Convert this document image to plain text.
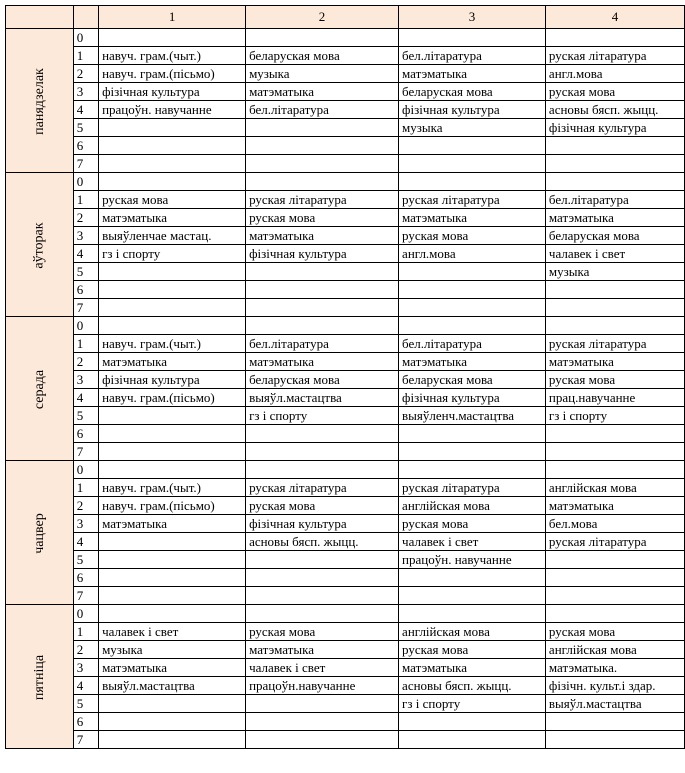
		1	2	3	4
панядзелак	0				
	1	навуч. грам.(чыт.)	беларуская мова	бел.літаратура	руская літаратура
	2	навуч. грам.(пісьмо)	музыка	матэматыка	англ.мова
	3	фізічная культура	матэматыка	беларуская мова	руская мова
	4	працоўн. навучанне	бел.літаратура	фізічная культура	асновы бясп. жыцц.
	5			музыка	фізічная культура
	6				
	7				
аўторак	0				
	1	руская мова	руская літаратура	руская літаратура	бел.літаратура
	2	матэматыка	руская мова	матэматыка	матэматыка
	3	выяўленчае мастац.	матэматыка	руская мова	беларуская мова
	4	гз і спорту	фізічная культура	англ.мова	чалавек і свет
	5				музыка
	6				
	7				
серада	0				
	1	навуч. грам.(чыт.)	бел.літаратура	бел.літаратура	руская літаратура
	2	матэматыка	матэматыка	матэматыка	матэматыка
	3	фізічная культура	беларуская мова	беларуская мова	руская мова
	4	навуч. грам.(пісьмо)	выяўл.мастацтва	фізічная культура	прац.навучанне
	5		гз і спорту	выяўленч.мастацтва	гз і спорту
	6				
	7				
чацвер	0				
	1	навуч. грам.(чыт.)	руская літаратура	руская літаратура	англійская мова
	2	навуч. грам.(пісьмо)	руская мова	англійская мова	матэматыка
	3	матэматыка	фізічная культура	руская мова	бел.мова
	4		асновы бясп. жыцц.	чалавек і свет	руская літаратура
	5			працоўн. навучанне	
	6				
	7				
пятніца	0				
	1	чалавек і свет	руская мова	англійская мова	руская мова
	2	музыка	матэматыка	руская мова	англійская мова
	3	матэматыка	чалавек і свет	матэматыка	матэматыка.
	4	выяўл.мастацтва	працоўн.навучанне	асновы бясп. жыцц.	фізічн. культ.і здар.
	5			гз і спорту	выяўл.мастацтва
	6				
	7				
